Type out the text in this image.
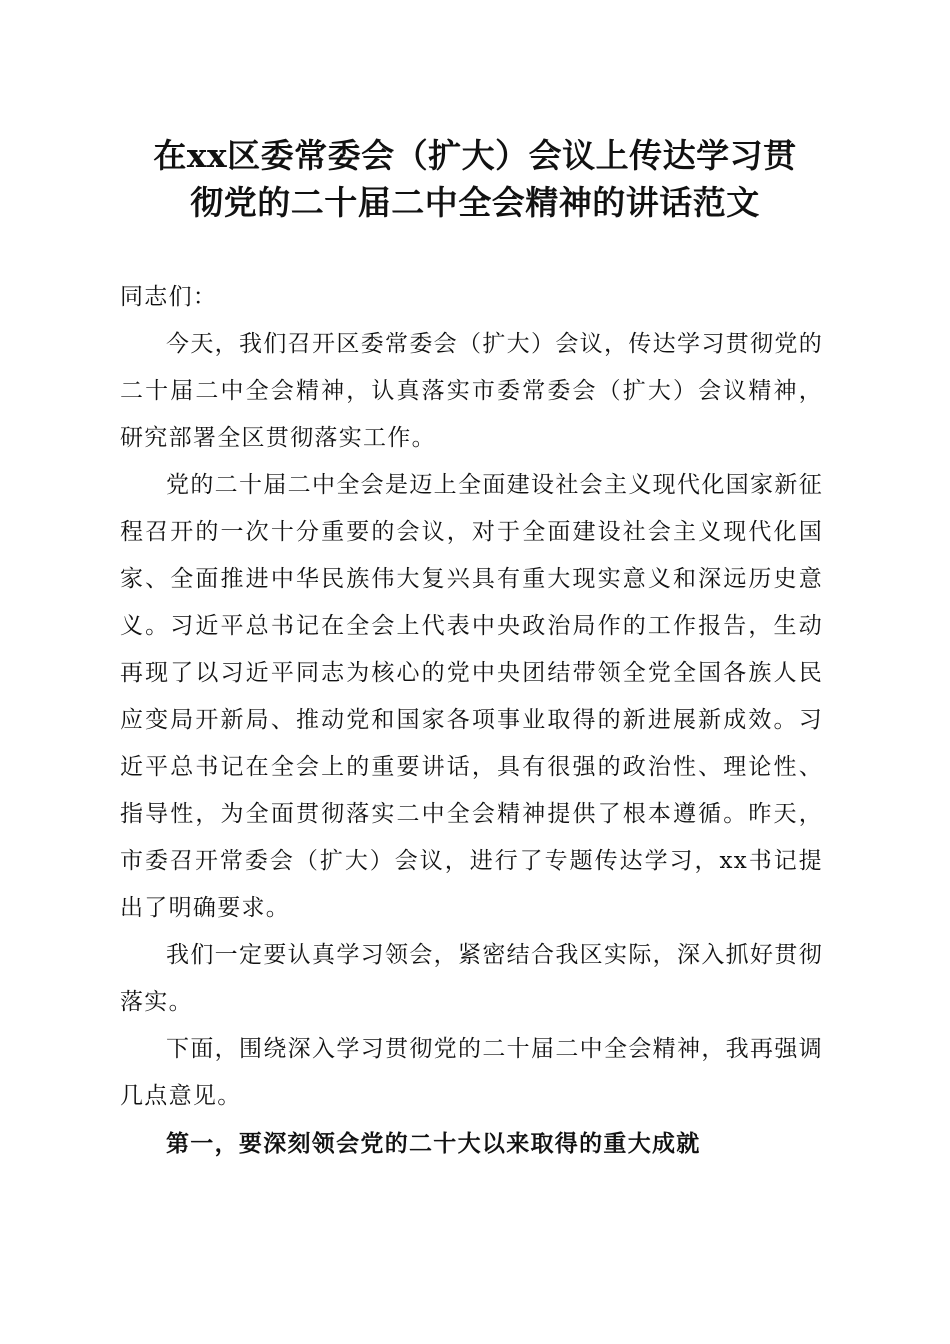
在xx区委常委会（扩大）会议上传达学习贯
彻党的二十届二中全会精神的讲话范文

同志们：

今天，我们召开区委常委会（扩大）会议，传达学习贯彻党的二十届二中全会精神，认真落实市委常委会（扩大）会议精神，研究部署全区贯彻落实工作。

党的二十届二中全会是迈上全面建设社会主义现代化国家新征程召开的一次十分重要的会议，对于全面建设社会主义现代化国家、全面推进中华民族伟大复兴具有重大现实意义和深远历史意义。习近平总书记在全会上代表中央政治局作的工作报告，生动再现了以习近平同志为核心的党中央团结带领全党全国各族人民应变局开新局、推动党和国家各项事业取得的新进展新成效。习近平总书记在全会上的重要讲话，具有很强的政治性、理论性、指导性，为全面贯彻落实二中全会精神提供了根本遵循。昨天，市委召开常委会（扩大）会议，进行了专题传达学习，xx书记提出了明确要求。

我们一定要认真学习领会，紧密结合我区实际，深入抓好贯彻落实。

下面，围绕深入学习贯彻党的二十届二中全会精神，我再强调几点意见。

第一，要深刻领会党的二十大以来取得的重大成就
